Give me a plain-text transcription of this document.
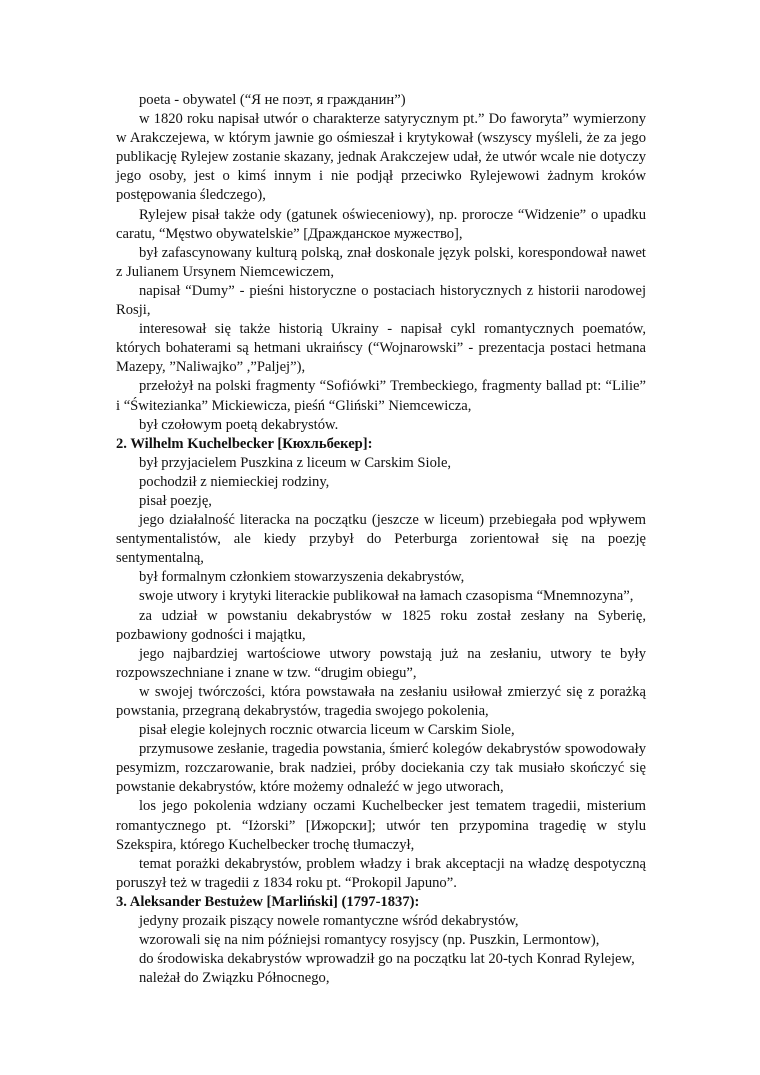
poeta - obywatel (“Я не поэт, я гражданин”)

w 1820 roku napisał utwór o charakterze satyrycznym pt.” Do faworyta” wymierzony w Arakczejewa, w którym jawnie go ośmieszał i krytykował (wszyscy myśleli, że za jego publikację Rylejew zostanie skazany, jednak Arakczejew udał, że utwór wcale nie dotyczy jego osoby, jest o kimś innym i nie podjął przeciwko Rylejewowi żadnym kroków postępowania śledczego),

Rylejew pisał także ody (gatunek oświeceniowy), np. prorocze “Widzenie” o upadku caratu, “Męstwo obywatelskie” [Дражданское мужество],

był zafascynowany kulturą polską, znał doskonale język polski, korespondował nawet z Julianem Ursynem Niemcewiczem,

napisał “Dumy” - pieśni historyczne o postaciach historycznych z historii narodowej Rosji,

interesował się także historią Ukrainy - napisał cykl romantycznych poematów, których bohaterami są hetmani ukraińscy (“Wojnarowski” - prezentacja postaci hetmana Mazepy, ”Naliwajko” ,”Paljej”),

przełożył na polski fragmenty “Sofiówki” Trembeckiego, fragmenty ballad pt: “Lilie” i “Świtezianka” Mickiewicza, pieśń “Gliński” Niemcewicza,

był czołowym poetą dekabrystów.

2. Wilhelm Kuchelbecker [Кюхльбекер]:

był przyjacielem Puszkina z liceum w Carskim Siole,

pochodził z niemieckiej rodziny,

pisał poezję,

jego działalność literacka na początku (jeszcze w liceum) przebiegała pod wpływem sentymentalistów, ale kiedy przybył do Peterburga zorientował się na poezję sentymentalną,

był formalnym członkiem stowarzyszenia dekabrystów,

swoje utwory i krytyki literackie publikował na łamach czasopisma “Mnemnozyna”,

za udział w powstaniu dekabrystów w 1825 roku został zesłany na Syberię, pozbawiony godności i majątku,

jego najbardziej wartościowe utwory powstają już na zesłaniu, utwory te były rozpowszechniane i znane w tzw. “drugim obiegu”,

w swojej twórczości, która powstawała na zesłaniu usiłował zmierzyć się z porażką powstania, przegraną dekabrystów, tragedia swojego pokolenia,

pisał elegie kolejnych rocznic otwarcia liceum w Carskim Siole,

przymusowe zesłanie, tragedia powstania, śmierć kolegów dekabrystów spowodowały pesymizm, rozczarowanie, brak nadziei, próby dociekania czy tak musiało skończyć się powstanie dekabrystów, które możemy odnaleźć w jego utworach,

los jego pokolenia wdziany oczami Kuchelbecker jest tematem tragedii, misterium romantycznego pt. “Iżorski” [Ижорски]; utwór ten przypomina tragedię w stylu Szekspira, którego Kuchelbecker trochę tłumaczył,

temat porażki dekabrystów, problem władzy i brak akceptacji na władzę despotyczną poruszył też w tragedii z 1834 roku pt. “Prokopil Japuno”.

3. Aleksander Bestużew [Marliński] (1797-1837):

jedyny prozaik piszący nowele romantyczne wśród dekabrystów,

wzorowali się na nim późniejsi romantycy rosyjscy (np. Puszkin, Lermontow),

do środowiska dekabrystów wprowadził go na początku lat 20-tych Konrad Rylejew,

należał do Związku Północnego,
